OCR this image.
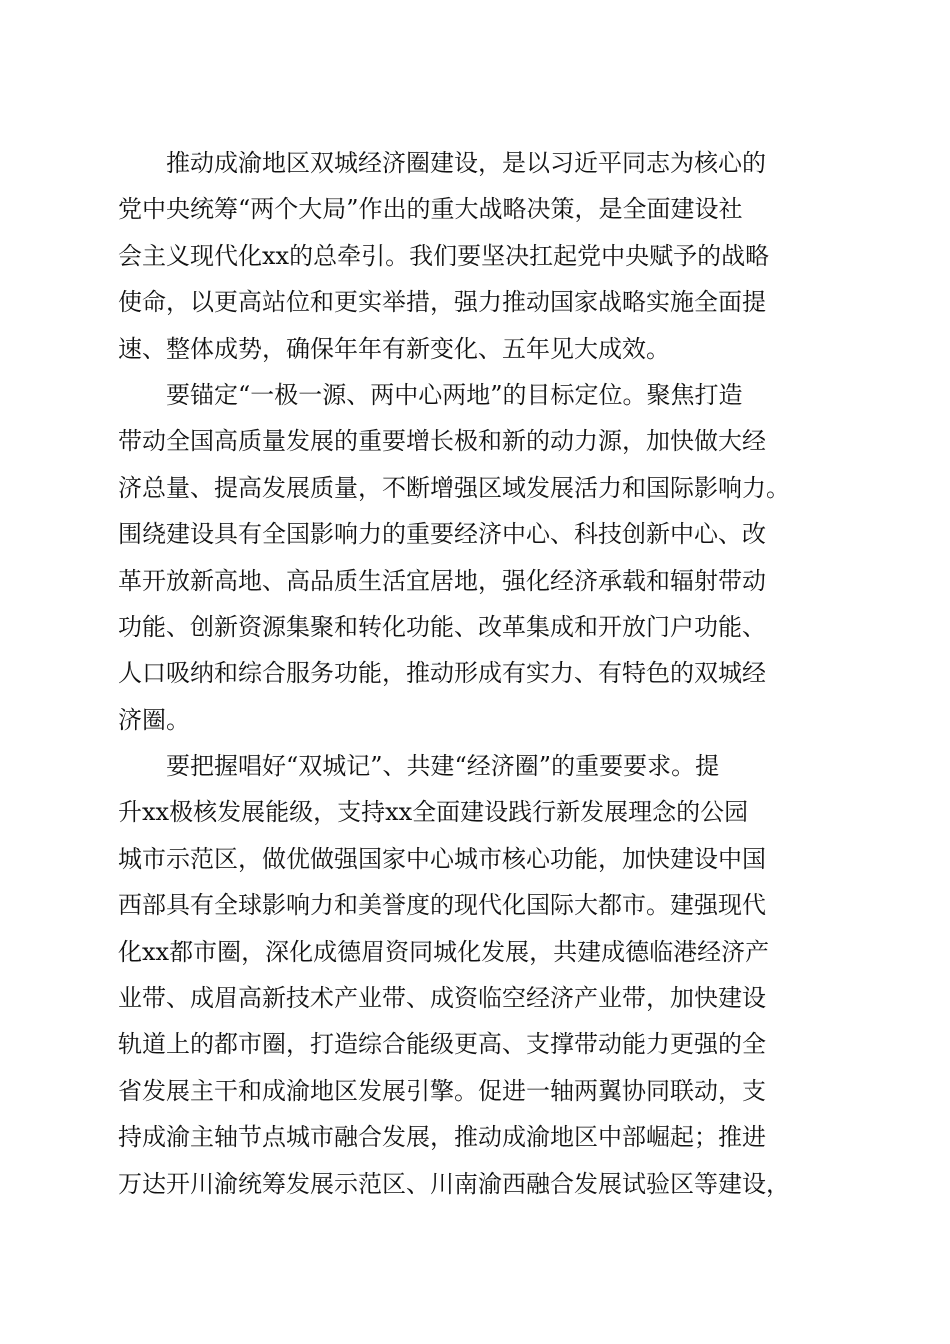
推动成渝地区双城经济圈建设，是以习近平同志为核心的
党中央统筹“两个大局”作出的重大战略决策，是全面建设社
会主义现代化xx的总牵引。我们要坚决扛起党中央赋予的战略
使命，以更高站位和更实举措，强力推动国家战略实施全面提
速、整体成势，确保年年有新变化、五年见大成效。
要锚定“一极一源、两中心两地”的目标定位。聚焦打造
带动全国高质量发展的重要增长极和新的动力源，加快做大经
济总量、提高发展质量，不断增强区域发展活力和国际影响力。
围绕建设具有全国影响力的重要经济中心、科技创新中心、改
革开放新高地、高品质生活宜居地，强化经济承载和辐射带动
功能、创新资源集聚和转化功能、改革集成和开放门户功能、
人口吸纳和综合服务功能，推动形成有实力、有特色的双城经
济圈。
要把握唱好“双城记”、共建“经济圈”的重要要求。提
升xx极核发展能级，支持xx全面建设践行新发展理念的公园
城市示范区，做优做强国家中心城市核心功能，加快建设中国
西部具有全球影响力和美誉度的现代化国际大都市。建强现代
化xx都市圈，深化成德眉资同城化发展，共建成德临港经济产
业带、成眉高新技术产业带、成资临空经济产业带，加快建设
轨道上的都市圈，打造综合能级更高、支撑带动能力更强的全
省发展主干和成渝地区发展引擎。促进一轴两翼协同联动，支
持成渝主轴节点城市融合发展，推动成渝地区中部崛起；推进
万达开川渝统筹发展示范区、川南渝西融合发展试验区等建设，
